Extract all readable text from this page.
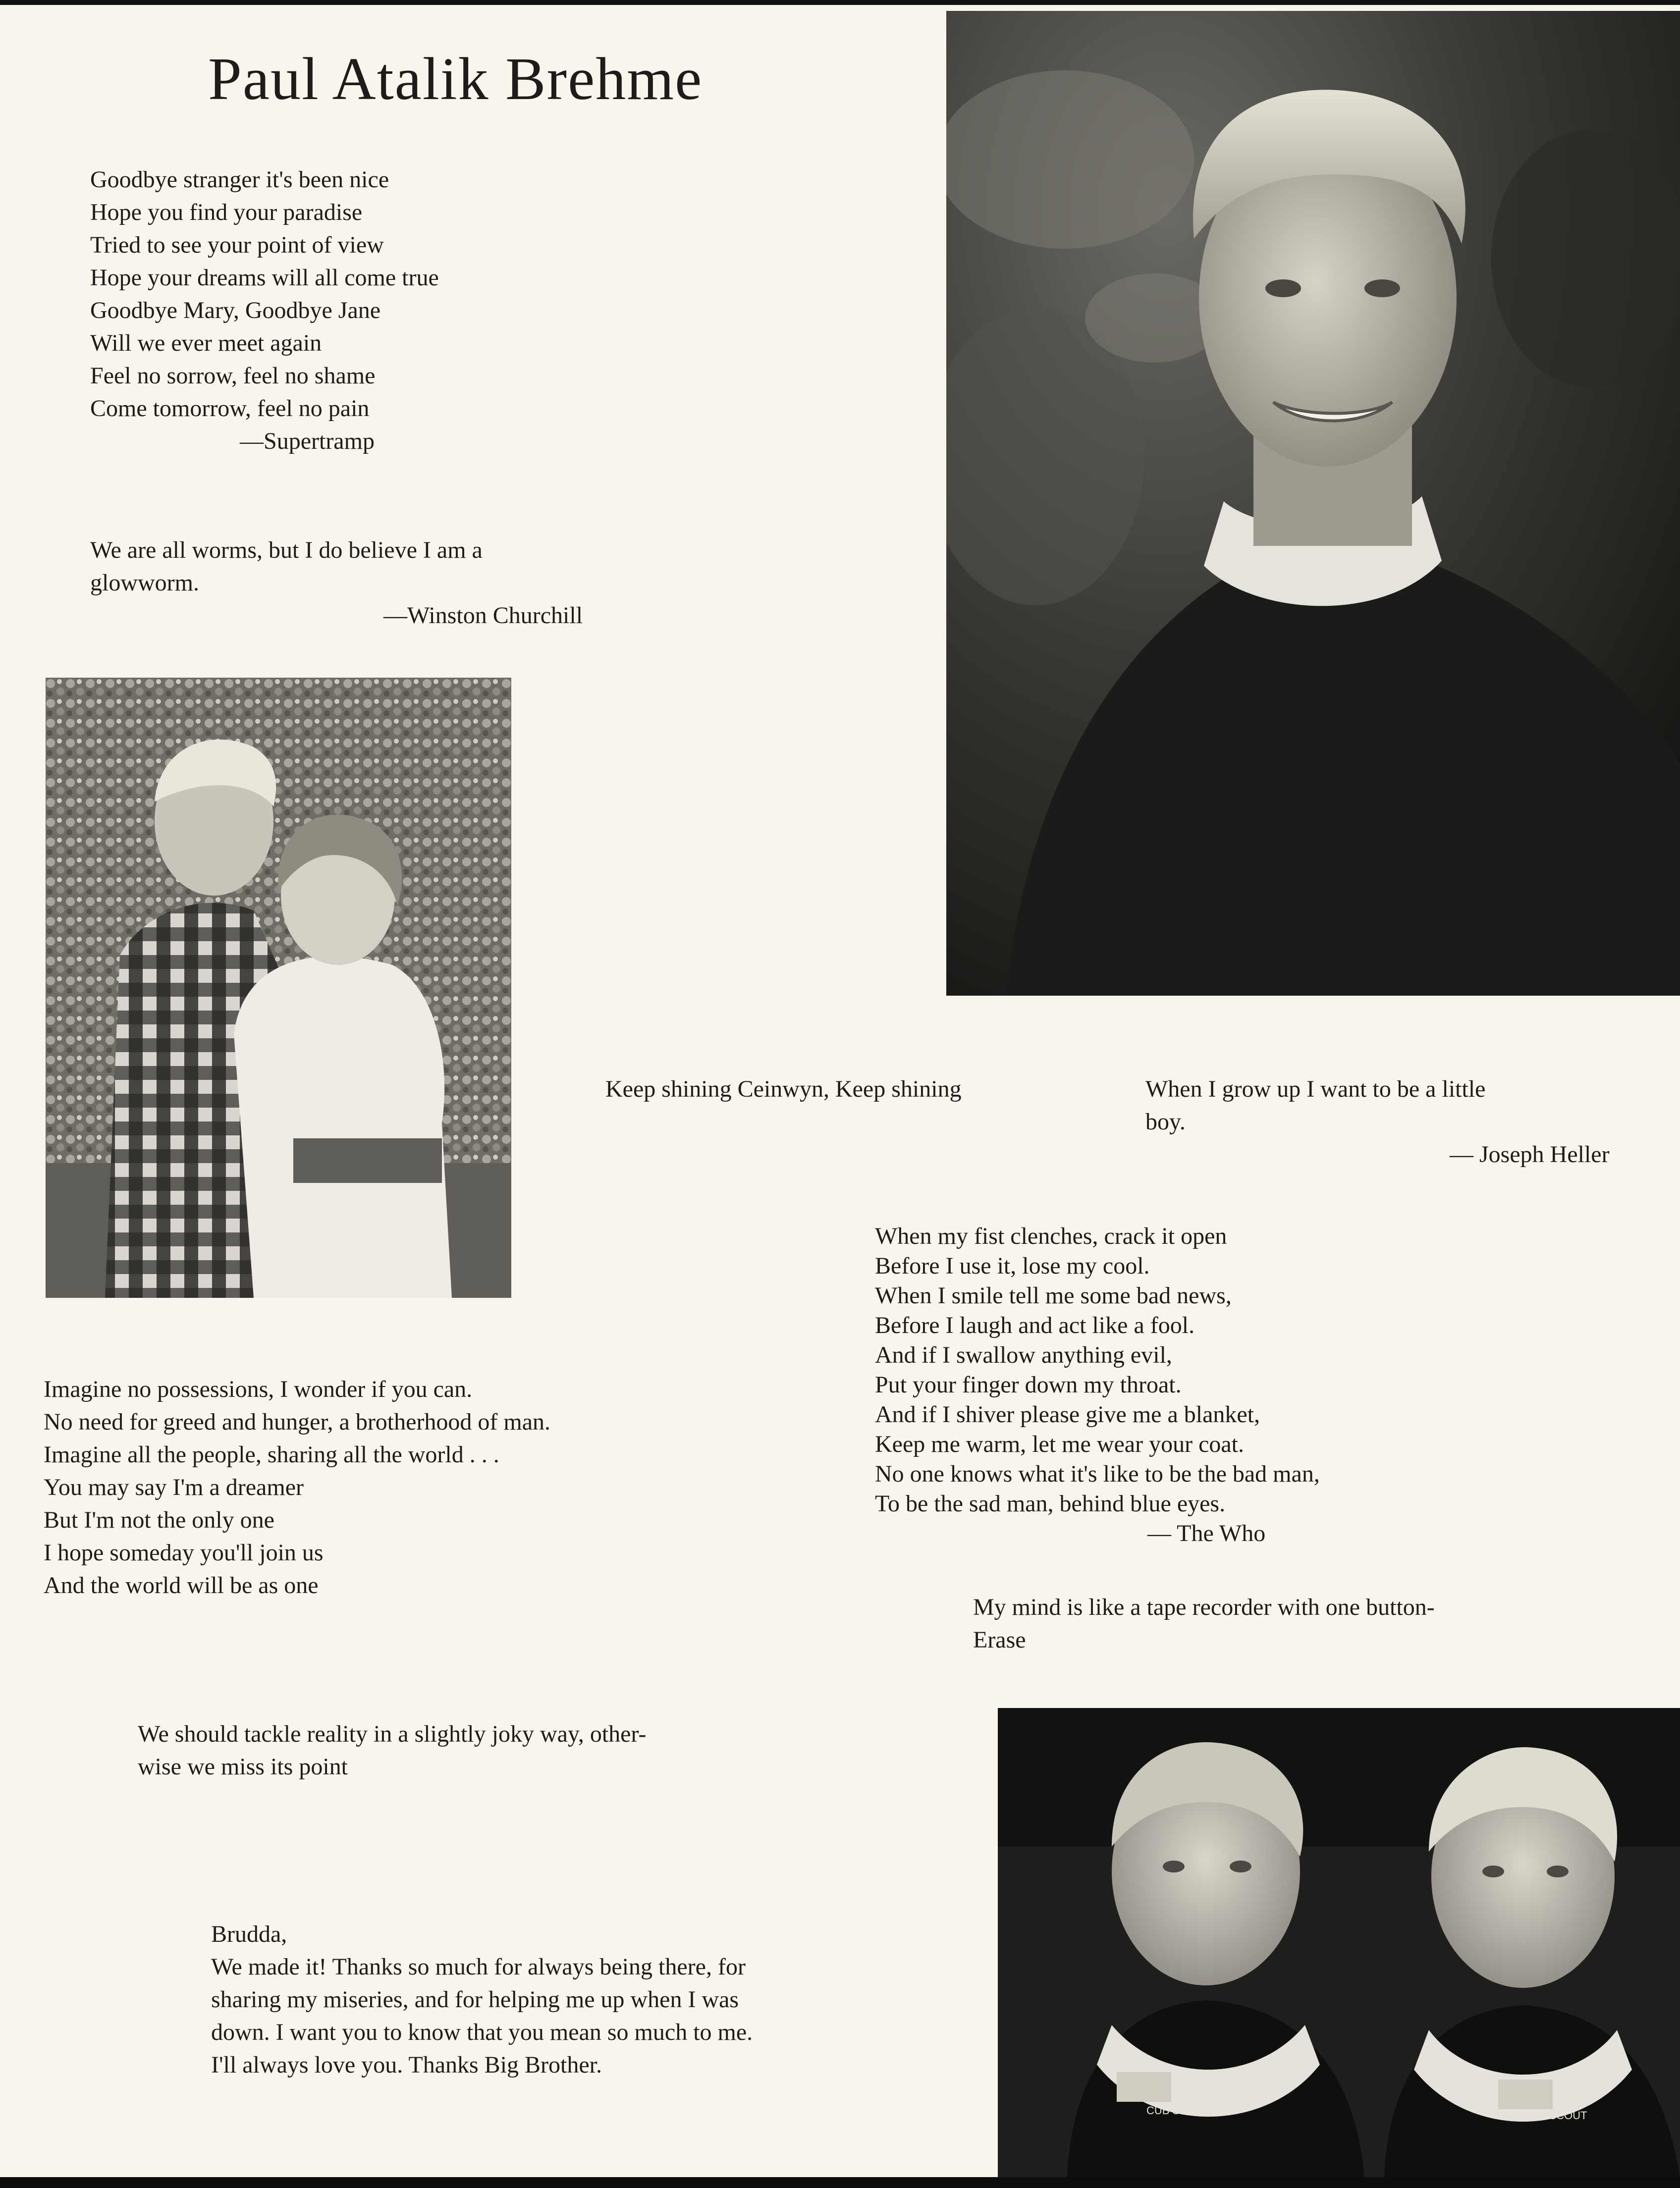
Paul Atalik Brehme
Goodbye stranger it's been nice
Hope you find your paradise
Tried to see your point of view
Hope your dreams will all come true
Goodbye Mary, Goodbye Jane
Will we ever meet again
Feel no sorrow, feel no shame
Come tomorrow, feel no pain
—Supertramp
We are all worms, but I do believe I am a
glowworm.
—Winston Churchill
Keep shining Ceinwyn, Keep shining	When I grow up I want to be a little
boy.
— Joseph Heller
When my fist clenches, crack it open
Before I use it, lose my cool.
When I smile tell me some bad news,
Before I laugh and act like a fool.
And if I swallow anything evil,
Put your finger down my throat.
And if I shiver please give me a blanket,
Keep me warm, let me wear your coat.
No one knows what it's like to be the bad man,
To be the sad man, behind blue eyes.
— The Who
Imagine no possessions, I wonder if you can.
No need for greed and hunger, a brotherhood of man.
Imagine all the people, sharing all the world . . .
You may say I'm a dreamer
But I'm not the only one
I hope someday you'll join us
And the world will be as one
My mind is like a tape recorder with one button-
Erase
We should tackle reality in a slightly joky way, other-
wise we miss its point
Brudda,
We made it! Thanks so much for always being there, for
sharing my miseries, and for helping me up when I was
down. I want you to know that you mean so much to me.
I'll always love you. Thanks Big Brother.
CUB SCOUT	CUB SCOUT
